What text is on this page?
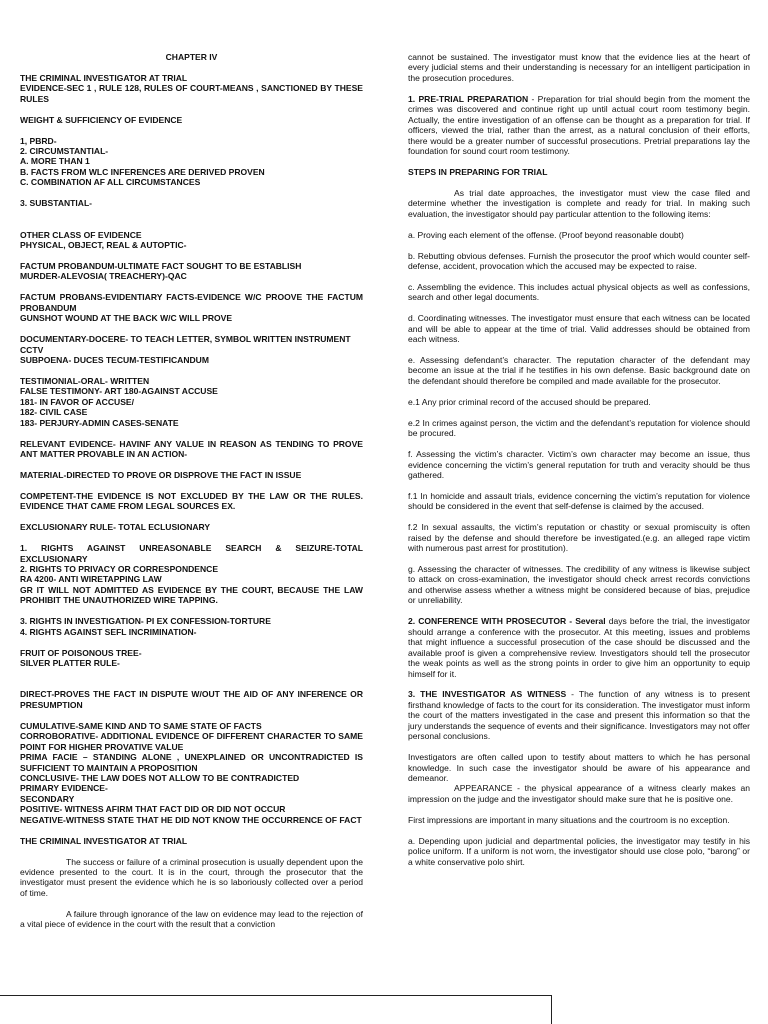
CHAPTER IV

THE CRIMINAL INVESTIGATOR AT TRIAL
EVIDENCE-SEC 1 , RULE 128, RULES OF COURT-MEANS , SANCTIONED BY THESE RULES

WEIGHT & SUFFICIENCY OF EVIDENCE

1, PBRD-
2. CIRCUMSTANTIAL-
A. MORE THAN 1
B. FACTS FROM WLC INFERENCES ARE DERIVED PROVEN
C. COMBINATION AF ALL CIRCUMSTANCES

3. SUBSTANTIAL-

OTHER CLASS OF EVIDENCE
PHYSICAL, OBJECT, REAL & AUTOPTIC-

FACTUM PROBANDUM-ULTIMATE FACT SOUGHT TO BE ESTABLISH
MURDER-ALEVOSIA( TREACHERY)-QAC

FACTUM PROBANS-EVIDENTIARY FACTS-EVIDENCE W/C PROOVE THE FACTUM PROBANDUM
GUNSHOT WOUND AT THE BACK W/C WILL PROVE

DOCUMENTARY-DOCERE- TO TEACH LETTER, SYMBOL WRITTEN INSTRUMENT
CCTV
SUBPOENA- DUCES TECUM-TESTIFICANDUM

TESTIMONIAL-ORAL- WRITTEN
FALSE TESTIMONY- ART 180-AGAINST ACCUSE
181- IN FAVOR OF ACCUSE/
182- CIVIL CASE
183- PERJURY-ADMIN CASES-SENATE

RELEVANT EVIDENCE- HAVINF ANY VALUE IN REASON AS TENDING TO PROVE ANT MATTER PROVABLE IN AN ACTION-

MATERIAL-DIRECTED TO PROVE OR DISPROVE THE FACT IN ISSUE

COMPETENT-THE EVIDENCE IS NOT EXCLUDED BY THE LAW OR THE RULES. EVIDENCE THAT CAME FROM LEGAL SOURCES EX.

EXCLUSIONARY RULE- TOTAL ECLUSIONARY

1. RIGHTS AGAINST UNREASONABLE SEARCH & SEIZURE-TOTAL EXCLUSIONARY
2. RIGHTS TO PRIVACY OR CORRESPONDENCE
RA 4200- ANTI WIRETAPPING LAW
GR IT WILL NOT ADMITTED AS EVIDENCE BY THE COURT, BECAUSE THE LAW PROHIBIT THE UNAUTHORIZED WIRE TAPPING.

3. RIGHTS IN INVESTIGATION- PI EX CONFESSION-TORTURE
4. RIGHTS AGAINST SEFL INCRIMINATION-

FRUIT OF POISONOUS TREE-
SILVER PLATTER RULE-

DIRECT-PROVES THE FACT IN DISPUTE W/OUT THE AID OF ANY INFERENCE OR PRESUMPTION

CUMULATIVE-SAME KIND AND TO SAME STATE OF FACTS
CORROBORATIVE- ADDITIONAL EVIDENCE OF DIFFERENT CHARACTER TO SAME POINT FOR HIGHER PROVATIVE VALUE
PRIMA FACIE – STANDING ALONE , UNEXPLAINED OR UNCONTRADICTED IS SUFFICIENT TO MAINTAIN A PROPOSITION
CONCLUSIVE- THE LAW DOES NOT ALLOW TO BE CONTRADICTED
PRIMARY EVIDENCE-
SECONDARY
POSITIVE- WITNESS AFIRM THAT FACT DID OR DID NOT OCCUR
NEGATIVE-WITNESS STATE THAT HE DID NOT KNOW THE OCCURRENCE OF FACT

THE CRIMINAL INVESTIGATOR AT TRIAL

The success or failure of a criminal prosecution is usually dependent upon the evidence presented to the court. It is in the court, through the prosecutor that the investigator must present the evidence which he is so laboriously collected over a period of time.

A failure through ignorance of the law on evidence may lead to the rejection of a vital piece of evidence in the court with the result that a conviction

cannot be sustained. The investigator must know that the evidence lies at the heart of every judicial stems and their understanding is necessary for an intelligent participation in the prosecution procedures.

1. PRE-TRIAL PREPARATION - Preparation for trial should begin from the moment the crimes was discovered and continue right up until actual court room testimony begin. Actually, the entire investigation of an offense can be thought as a preparation for trial. If officers, viewed the trial, rather than the arrest, as a natural conclusion of their efforts, there would be a greater number of successful prosecutions. Pretrial preparations lay the foundation for sound court room testimony.

STEPS IN PREPARING FOR TRIAL

As trial date approaches, the investigator must view the case filed and determine whether the investigation is complete and ready for trial. In making such evaluation, the investigator should pay particular attention to the following items:

a. Proving each element of the offense. (Proof beyond reasonable doubt)

b. Rebutting obvious defenses. Furnish the prosecutor the proof which would counter self-defense, accident, provocation which the accused may be expected to raise.

c. Assembling the evidence. This includes actual physical objects as well as confessions, search and other legal documents.

d. Coordinating witnesses. The investigator must ensure that each witness can be located and will be able to appear at the time of trial. Valid addresses should be obtained from each witness.

e. Assessing defendant’s character. The reputation character of the defendant may become an issue at the trial if he testifies in his own defense. Basic background date on the defendant should therefore be compiled and made available for the prosecutor.

e.1 Any prior criminal record of the accused should be prepared.

e.2 In crimes against person, the victim and the defendant’s reputation for violence should be procured.

f. Assessing the victim’s character. Victim’s own character may become an issue, thus evidence concerning the victim’s general reputation for truth and veracity should be thus gathered.

f.1 In homicide and assault trials, evidence concerning the victim’s reputation for violence should be considered in the event that self-defense is claimed by the accused.

f.2 In sexual assaults, the victim’s reputation or chastity or sexual promiscuity is often raised by the defense and should therefore be investigated.(e.g. an alleged rape victim with numerous past arrest for prostitution).

g. Assessing the character of witnesses. The credibility of any witness is likewise subject to attack on cross-examination, the investigator should check arrest records convictions and otherwise assess whether a witness might be considered because of bias, prejudice or unreliability.

2. CONFERENCE WITH PROSECUTOR - Several days before the trial, the investigator should arrange a conference with the prosecutor. At this meeting, issues and problems that might influence a successful prosecution of the case should be discussed and the available proof is given a comprehensive review. Investigators should tell the prosecutor the weak points as well as the strong points in order to give him an opportunity to equip himself for it.

3. THE INVESTIGATOR AS WITNESS - The function of any witness is to present firsthand knowledge of facts to the court for its consideration. The investigator must inform the court of the matters investigated in the case and present this information so that the jury understands the sequence of events and their significance. Investigators may not offer personal conclusions.

Investigators are often called upon to testify about matters to which he has personal knowledge. In such case the investigator should be aware of his appearance and demeanor.

APPEARANCE - the physical appearance of a witness clearly makes an impression on the judge and the investigator should make sure that he is positive one.

First impressions are important in many situations and the courtroom is no exception.

a. Depending upon judicial and departmental policies, the investigator may testify in his police uniform. If a uniform is not worn, the investigator should use close polo, “barong” or a white conservative polo shirt.
